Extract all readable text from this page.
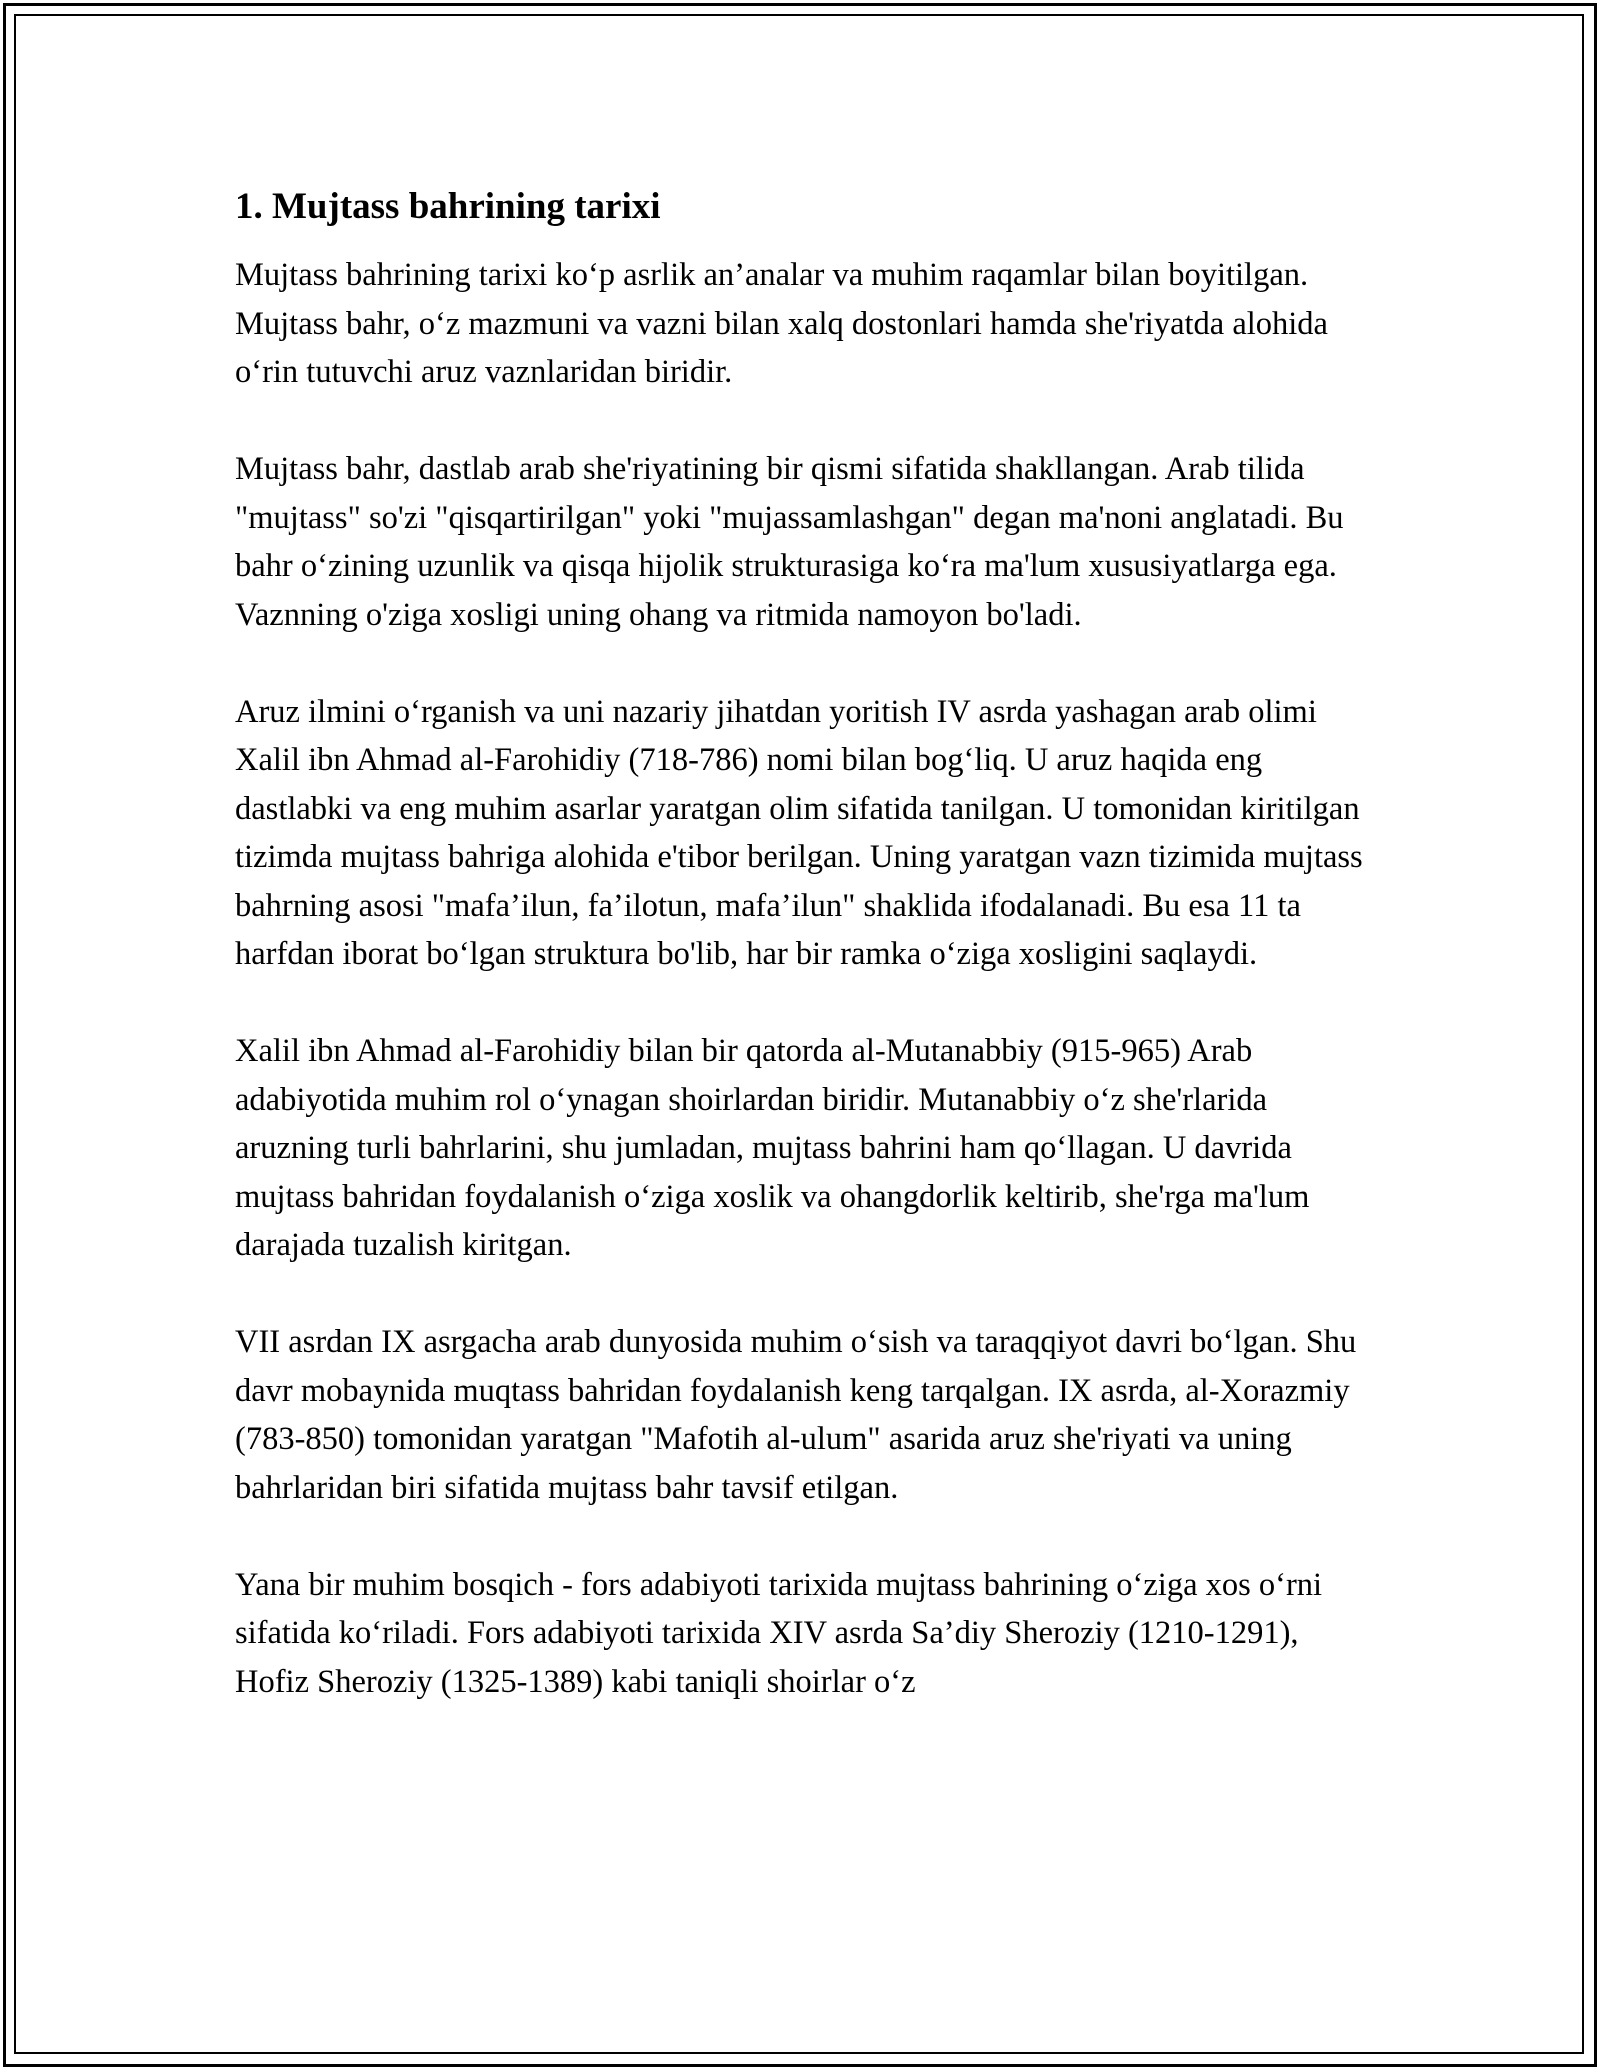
1. Mujtass bahrining tarixi

Mujtass bahrining tarixi koʻp asrlik an’analar va muhim raqamlar bilan boyitilgan. Mujtass bahr, oʻz mazmuni va vazni bilan xalq dostonlari hamda she'riyatda alohida oʻrin tutuvchi aruz vaznlaridan biridir.

Mujtass bahr, dastlab arab she'riyatining bir qismi sifatida shakllangan. Arab tilida "mujtass" so'zi "qisqartirilgan" yoki "mujassamlashgan" degan ma'noni anglatadi. Bu bahr oʻzining uzunlik va qisqa hijolik strukturasiga koʻra ma'lum xususiyatlarga ega. Vaznning o'ziga xosligi uning ohang va ritmida namoyon bo'ladi.

Aruz ilmini oʻrganish va uni nazariy jihatdan yoritish IV asrda yashagan arab olimi Xalil ibn Ahmad al-Farohidiy (718-786) nomi bilan bogʻliq. U aruz haqida eng dastlabki va eng muhim asarlar yaratgan olim sifatida tanilgan. U tomonidan kiritilgan tizimda mujtass bahriga alohida e'tibor berilgan. Uning yaratgan vazn tizimida mujtass bahrning asosi "mafa’ilun, fa’ilotun, mafa’ilun" shaklida ifodalanadi. Bu esa 11 ta harfdan iborat boʻlgan struktura bo'lib, har bir ramka oʻziga xosligini saqlaydi.

Xalil ibn Ahmad al-Farohidiy bilan bir qatorda al-Mutanabbiy (915-965) Arab adabiyotida muhim rol oʻynagan shoirlardan biridir. Mutanabbiy oʻz she'rlarida aruzning turli bahrlarini, shu jumladan, mujtass bahrini ham qoʻllagan. U davrida mujtass bahridan foydalanish oʻziga xoslik va ohangdorlik keltirib, she'rga ma'lum darajada tuzalish kiritgan.

VII asrdan IX asrgacha arab dunyosida muhim oʻsish va taraqqiyot davri boʻlgan. Shu davr mobaynida muqtass bahridan foydalanish keng tarqalgan. IX asrda, al-Xorazmiy (783-850) tomonidan yaratgan "Mafotih al-ulum" asarida aruz she'riyati va uning bahrlaridan biri sifatida mujtass bahr tavsif etilgan.

Yana bir muhim bosqich - fors adabiyoti tarixida mujtass bahrining oʻziga xos oʻrni sifatida koʻriladi. Fors adabiyoti tarixida XIV asrda Sa’diy Sheroziy (1210-1291), Hofiz Sheroziy (1325-1389) kabi taniqli shoirlar oʻz
